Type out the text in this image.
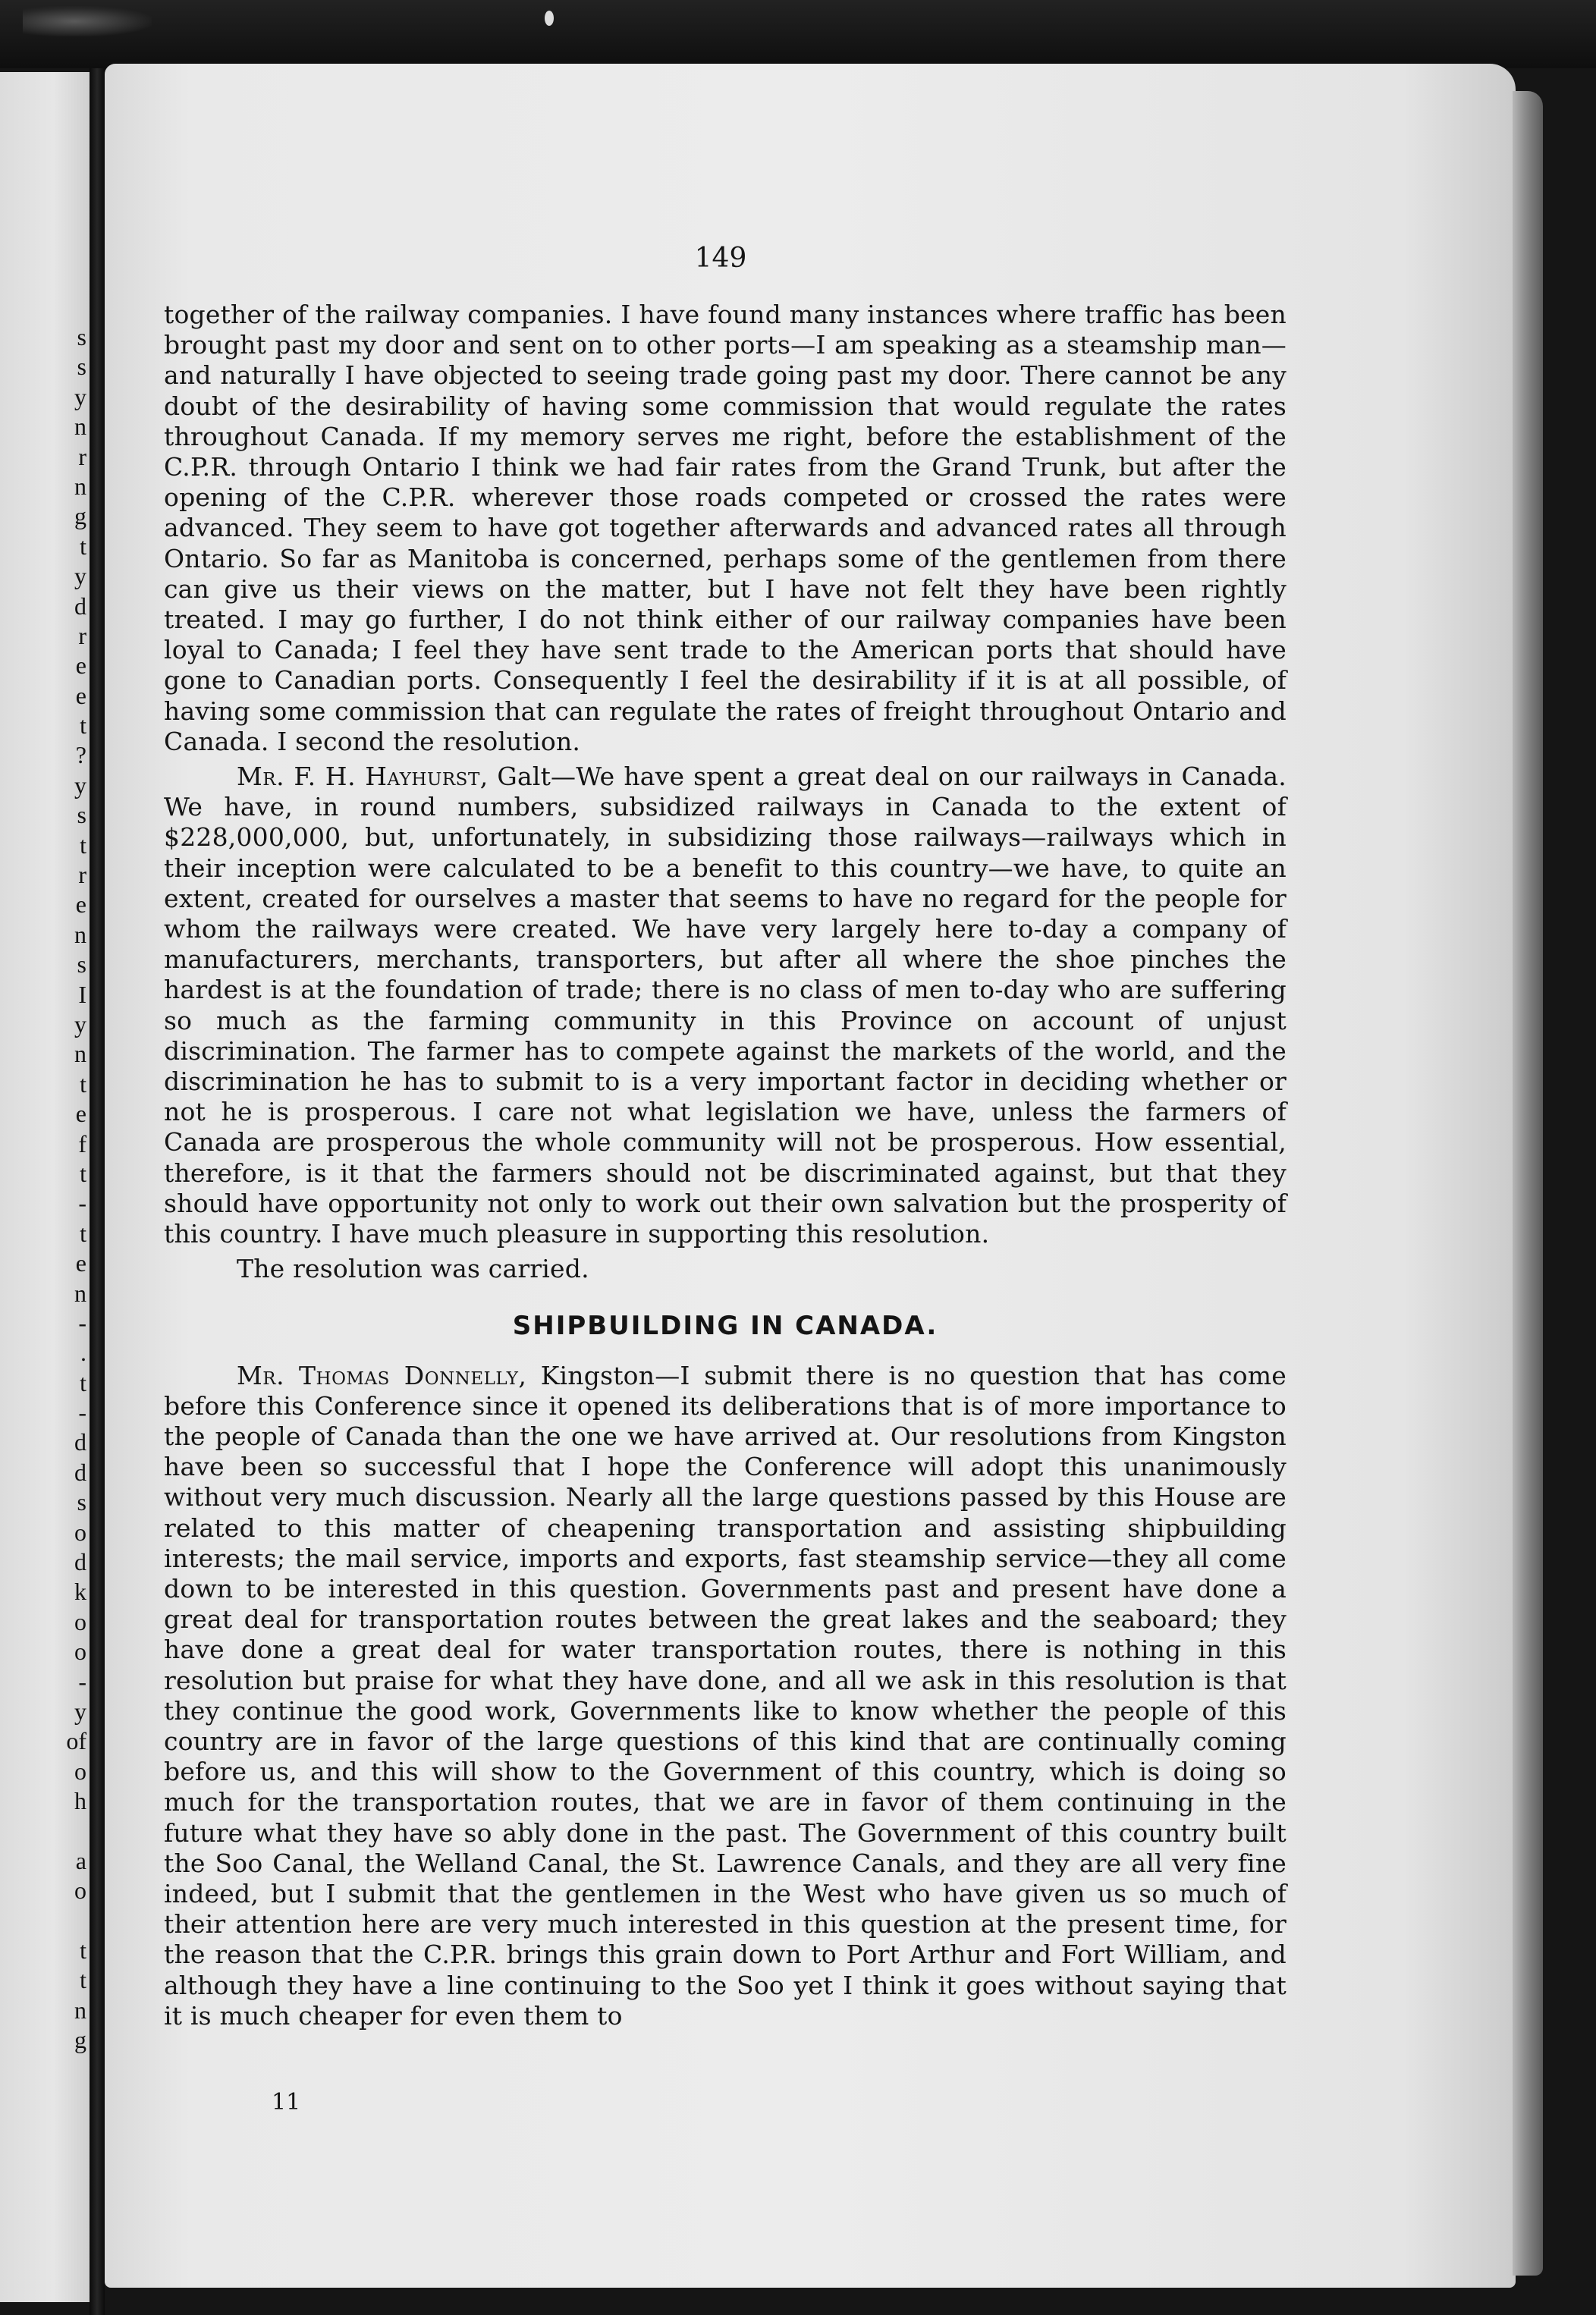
s
s
y
n
r
n
g
t
y
d
r
e
e
t
?
y
s
t
r
e
n
s
I
y
n
t
e
f
t
-
t
e
n
-
.
t
-
d
d
s
o
d
k
o
o
-
y
of
o
h
a
o
t
t
n
g
149

together of the railway companies. I have found many instances where traffic has been brought past my door and sent on to other ports—I am speaking as a steamship man—and naturally I have objected to seeing trade going past my door. There cannot be any doubt of the desirability of having some commission that would regulate the rates throughout Canada. If my memory serves me right, before the establishment of the C.P.R. through Ontario I think we had fair rates from the Grand Trunk, but after the opening of the C.P.R. wherever those roads competed or crossed the rates were advanced. They seem to have got together afterwards and advanced rates all through Ontario. So far as Manitoba is concerned, perhaps some of the gentlemen from there can give us their views on the matter, but I have not felt they have been rightly treated. I may go further, I do not think either of our railway companies have been loyal to Canada; I feel they have sent trade to the American ports that should have gone to Canadian ports. Consequently I feel the desirability if it is at all possible, of having some commission that can regulate the rates of freight throughout Ontario and Canada. I second the resolution.

Mr. F. H. Hayhurst, Galt—We have spent a great deal on our railways in Canada. We have, in round numbers, subsidized railways in Canada to the extent of $228,000,000, but, unfortunately, in subsidizing those railways—railways which in their inception were calculated to be a benefit to this country—we have, to quite an extent, created for ourselves a master that seems to have no regard for the people for whom the railways were created. We have very largely here to-day a company of manufacturers, merchants, transporters, but after all where the shoe pinches the hardest is at the foundation of trade; there is no class of men to-day who are suffering so much as the farming community in this Province on account of unjust discrimination. The farmer has to compete against the markets of the world, and the discrimination he has to submit to is a very important factor in deciding whether or not he is prosperous. I care not what legislation we have, unless the farmers of Canada are prosperous the whole community will not be prosperous. How essential, therefore, is it that the farmers should not be discriminated against, but that they should have opportunity not only to work out their own salvation but the prosperity of this country. I have much pleasure in supporting this resolution.

The resolution was carried.

SHIPBUILDING IN CANADA.

Mr. Thomas Donnelly, Kingston—I submit there is no question that has come before this Conference since it opened its deliberations that is of more importance to the people of Canada than the one we have arrived at. Our resolutions from Kingston have been so successful that I hope the Conference will adopt this unanimously without very much discussion. Nearly all the large questions passed by this House are related to this matter of cheapening transportation and assisting shipbuilding interests; the mail service, imports and exports, fast steamship service—they all come down to be interested in this question. Governments past and present have done a great deal for transportation routes between the great lakes and the seaboard; they have done a great deal for water transportation routes, there is nothing in this resolution but praise for what they have done, and all we ask in this resolution is that they continue the good work, Governments like to know whether the people of this country are in favor of the large questions of this kind that are continually coming before us, and this will show to the Government of this country, which is doing so much for the transportation routes, that we are in favor of them continuing in the future what they have so ably done in the past. The Government of this country built the Soo Canal, the Welland Canal, the St. Lawrence Canals, and they are all very fine indeed, but I submit that the gentlemen in the West who have given us so much of their attention here are very much interested in this question at the present time, for the reason that the C.P.R. brings this grain down to Port Arthur and Fort William, and although they have a line continuing to the Soo yet I think it goes without saying that it is much cheaper for even them to

11
